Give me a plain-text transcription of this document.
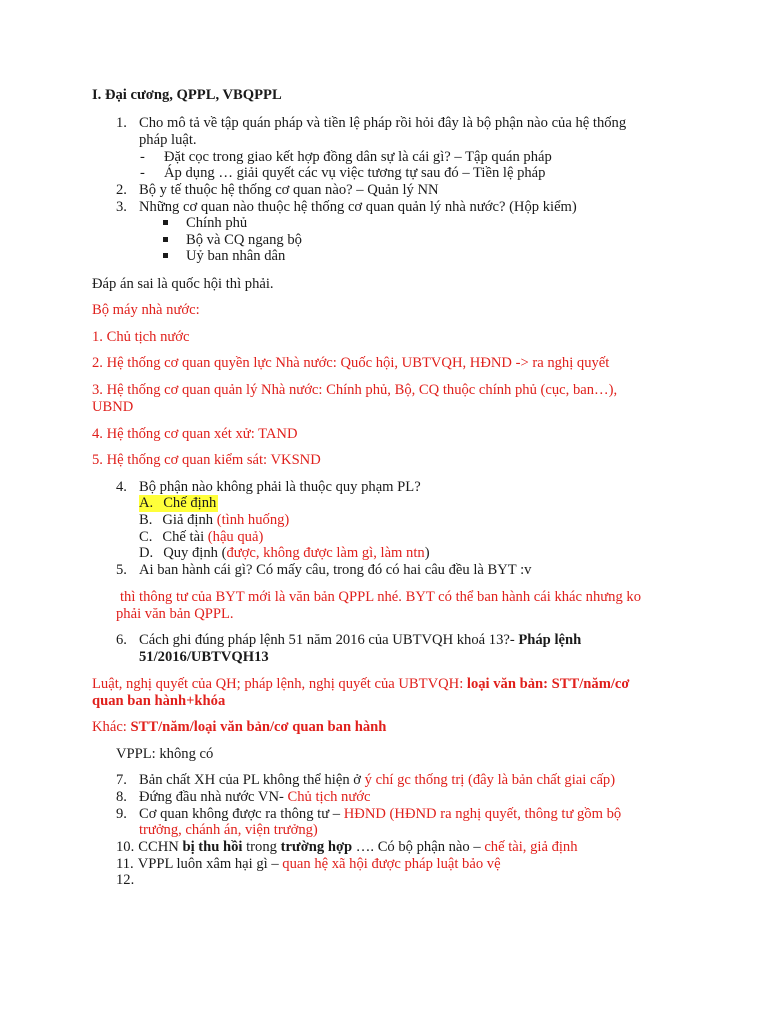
I. Đại cương, QPPL, VBQPPL
1. Cho mô tả về tập quán pháp và tiền lệ pháp rồi hỏi đây là bộ phận nào của hệ thống
pháp luật.
- Đặt cọc trong giao kết hợp đồng dân sự là cái gì? – Tập quán pháp
- Áp dụng … giải quyết các vụ việc tương tự sau đó – Tiền lệ pháp
2. Bộ y tế thuộc hệ thống cơ quan nào? – Quản lý NN
3. Những cơ quan nào thuộc hệ thống cơ quan quản lý nhà nước? (Hộp kiểm)
Chính phủ
Bộ và CQ ngang bộ
Uỷ ban nhân dân
Đáp án sai là quốc hội thì phải.
Bộ máy nhà nước:
1. Chủ tịch nước
2. Hệ thống cơ quan quyền lực Nhà nước: Quốc hội, UBTVQH, HĐND -> ra nghị quyết
3. Hệ thống cơ quan quản lý Nhà nước: Chính phủ, Bộ, CQ thuộc chính phủ (cục, ban…),
UBND
4. Hệ thống cơ quan xét xử: TAND
5. Hệ thống cơ quan kiểm sát: VKSND
4. Bộ phận nào không phải là thuộc quy phạm PL?
A. Chế định
B. Giả định (tình huống)
C. Chế tài (hậu quả)
D. Quy định (được, không được làm gì, làm ntn)
5. Ai ban hành cái gì? Có mấy câu, trong đó có hai câu đều là BYT :v
thì thông tư của BYT mới là văn bản QPPL nhé. BYT có thể ban hành cái khác nhưng ko
phải văn bản QPPL.
6. Cách ghi đúng pháp lệnh 51 năm 2016 của UBTVQH khoá 13?- Pháp lệnh
51/2016/UBTVQH13
Luật, nghị quyết của QH; pháp lệnh, nghị quyết của UBTVQH: loại văn bản: STT/năm/cơ
quan ban hành+khóa
Khác: STT/năm/loại văn bản/cơ quan ban hành
VPPL: không có
7. Bản chất XH của PL không thể hiện ở ý chí gc thống trị (đây là bản chất giai cấp)
8. Đứng đầu nhà nước VN- Chủ tịch nước
9. Cơ quan không được ra thông tư – HĐND (HĐND ra nghị quyết, thông tư gồm bộ
trưởng, chánh án, viện trưởng)
10. CCHN bị thu hồi trong trường hợp …. Có bộ phận nào – chế tài, giả định
11. VPPL luôn xâm hại gì – quan hệ xã hội được pháp luật bảo vệ
12.
